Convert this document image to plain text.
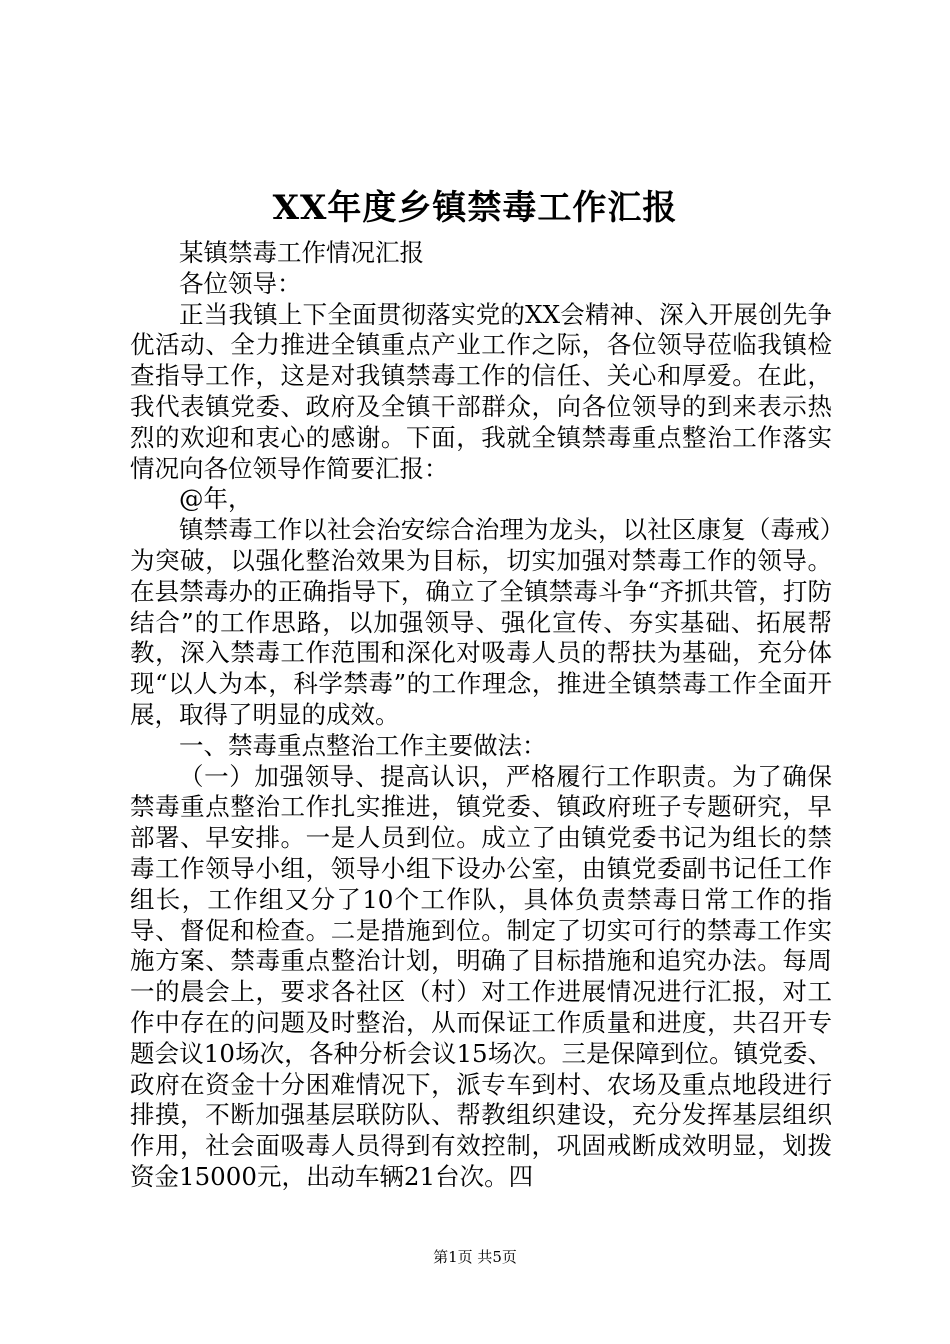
XX年度乡镇禁毒工作汇报

某镇禁毒工作情况汇报

各位领导：

正当我镇上下全面贯彻落实党的XX会精神、深入开展创先争优活动、全力推进全镇重点产业工作之际，各位领导莅临我镇检查指导工作，这是对我镇禁毒工作的信任、关心和厚爱。在此，我代表镇党委、政府及全镇干部群众，向各位领导的到来表示热烈的欢迎和衷心的感谢。下面，我就全镇禁毒重点整治工作落实情况向各位领导作简要汇报：

@年，

镇禁毒工作以社会治安综合治理为龙头，以社区康复（毒戒）为突破，以强化整治效果为目标，切实加强对禁毒工作的领导。在县禁毒办的正确指导下，确立了全镇禁毒斗争“齐抓共管，打防结合”的工作思路，以加强领导、强化宣传、夯实基础、拓展帮教，深入禁毒工作范围和深化对吸毒人员的帮扶为基础，充分体现“以人为本，科学禁毒”的工作理念，推进全镇禁毒工作全面开展，取得了明显的成效。

一、禁毒重点整治工作主要做法：

（一）加强领导、提高认识，严格履行工作职责。为了确保禁毒重点整治工作扎实推进，镇党委、镇政府班子专题研究，早部署、早安排。一是人员到位。成立了由镇党委书记为组长的禁毒工作领导小组，领导小组下设办公室，由镇党委副书记任工作组长，工作组又分了10个工作队，具体负责禁毒日常工作的指导、督促和检查。二是措施到位。制定了切实可行的禁毒工作实施方案、禁毒重点整治计划，明确了目标措施和追究办法。每周一的晨会上，要求各社区（村）对工作进展情况进行汇报，对工作中存在的问题及时整治，从而保证工作质量和进度，共召开专题会议10场次，各种分析会议15场次。三是保障到位。镇党委、政府在资金十分困难情况下，派专车到村、农场及重点地段进行排摸，不断加强基层联防队、帮教组织建设，充分发挥基层组织作用，社会面吸毒人员得到有效控制，巩固戒断成效明显，划拨资金15000元，出动车辆21台次。四

第1页 共5页
